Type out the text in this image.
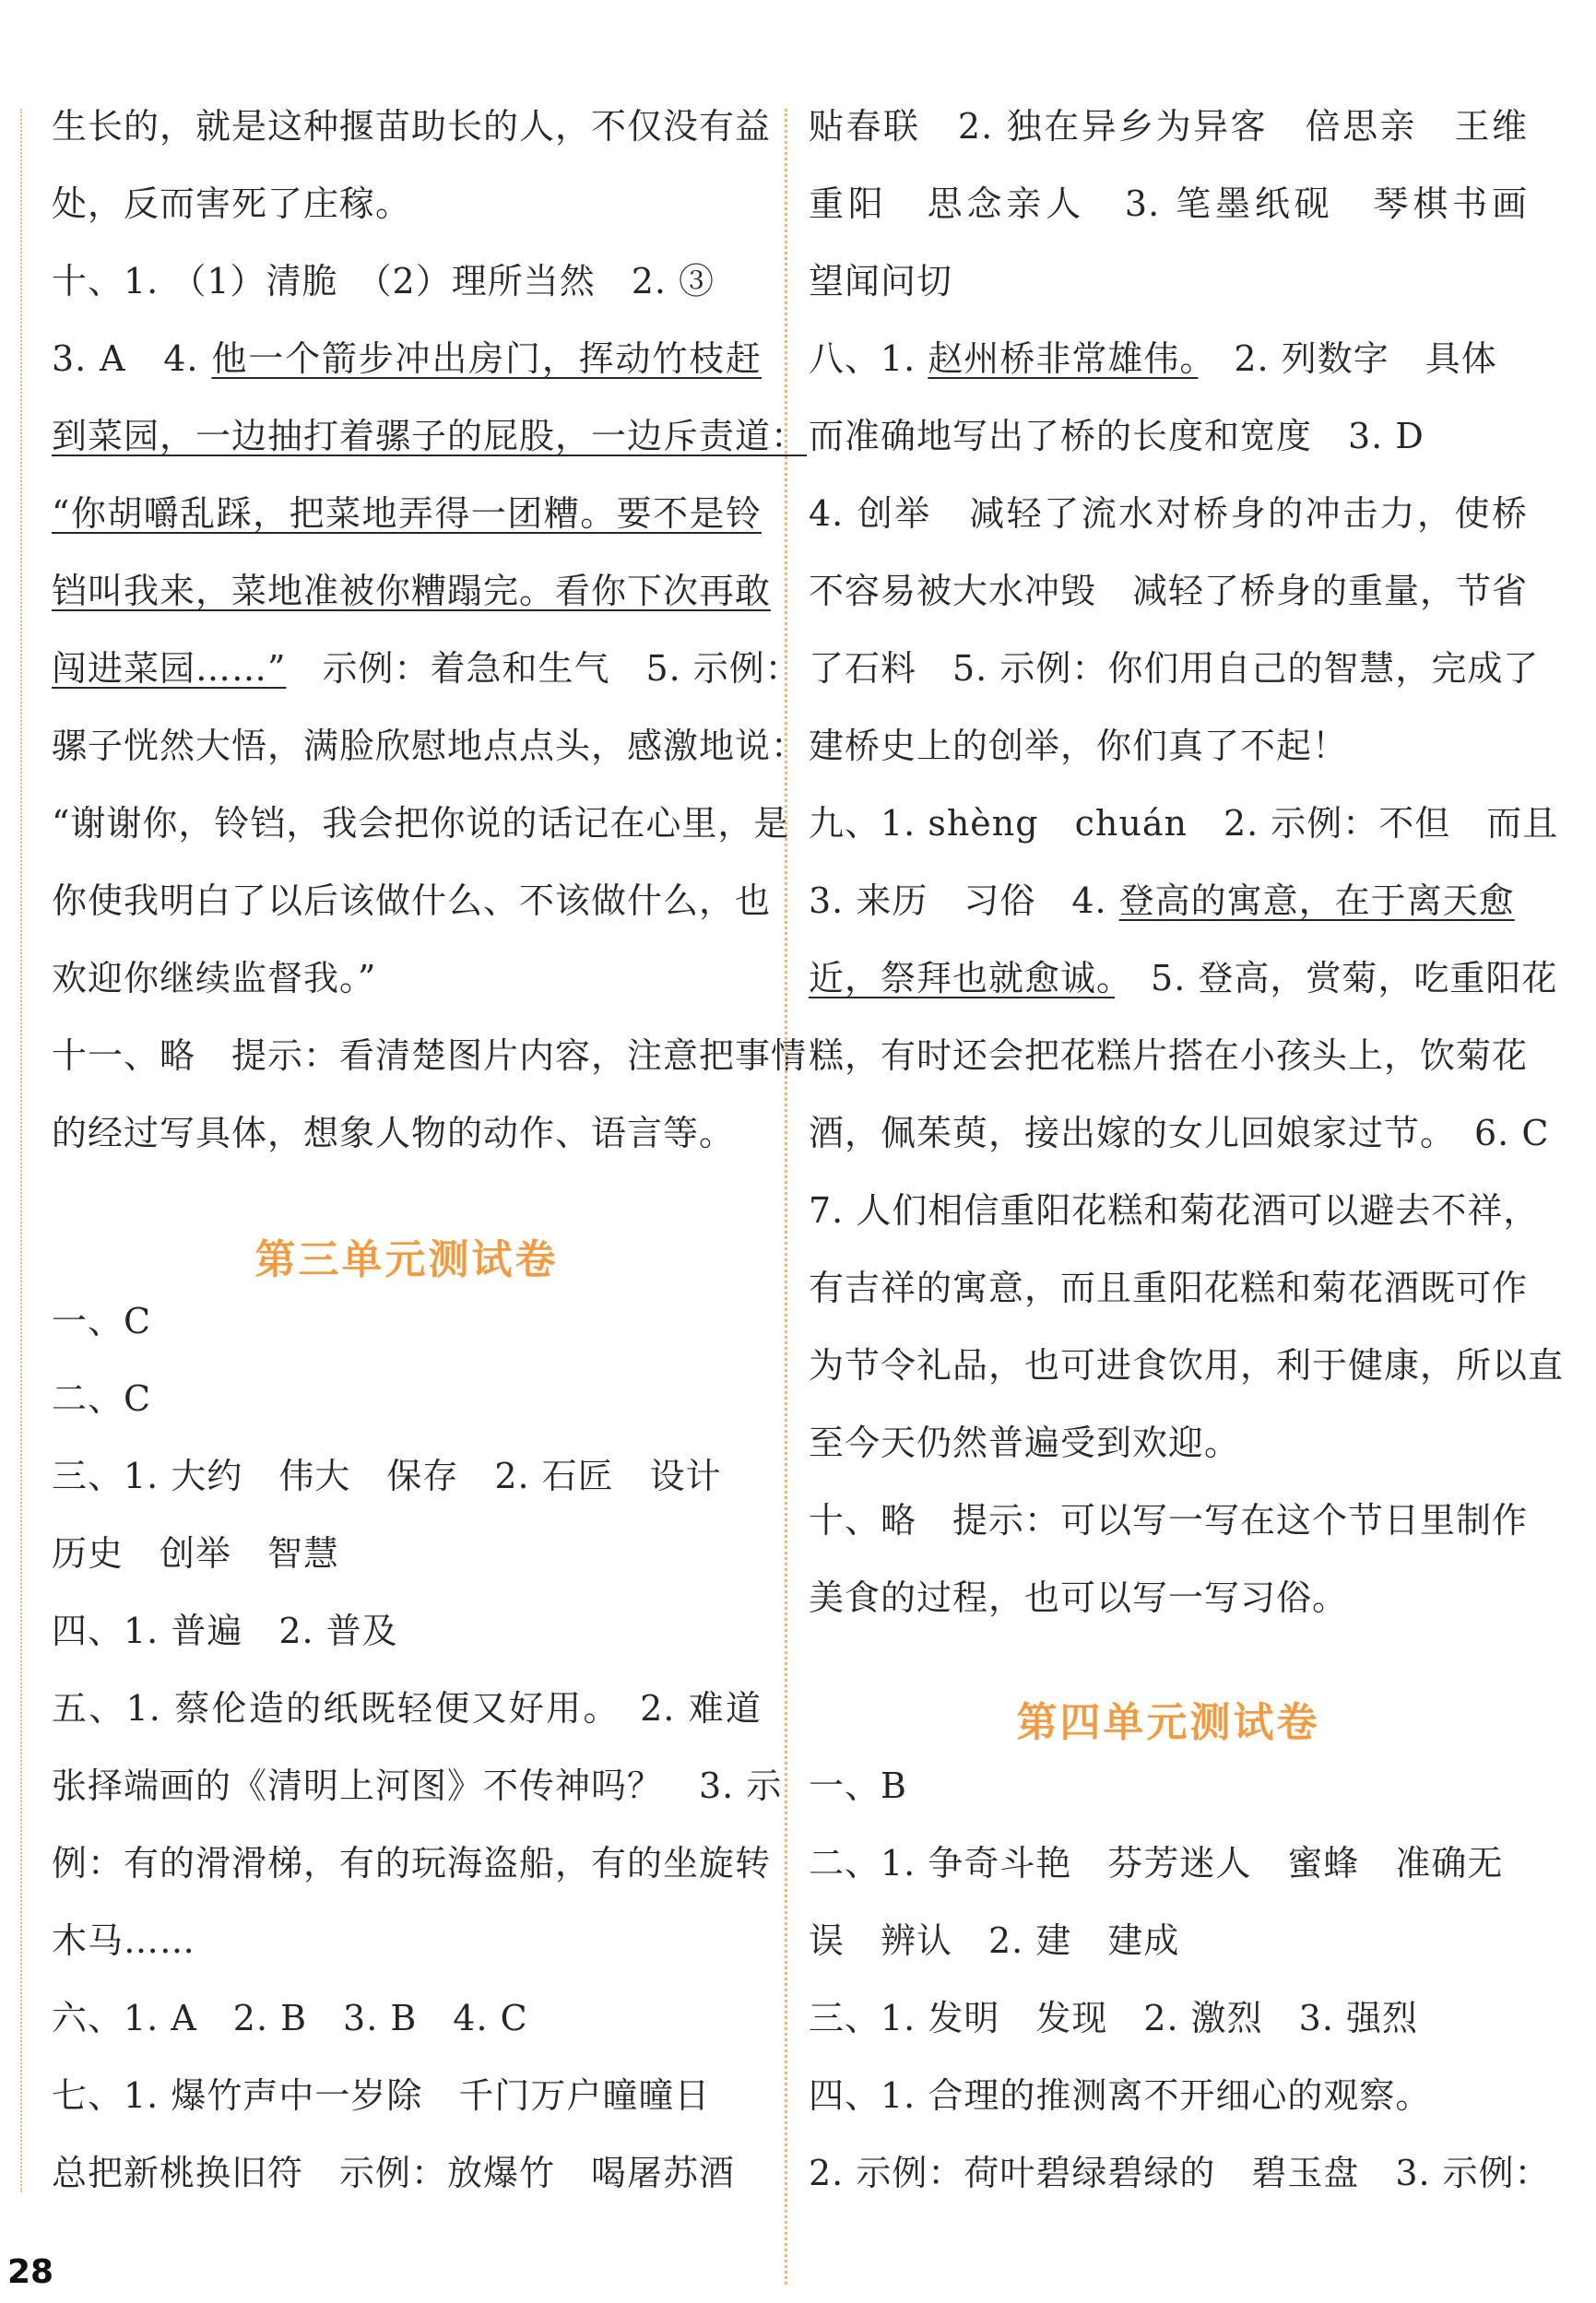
生长的，就是这种揠苗助长的人，不仅没有益
处，反而害死了庄稼。
十、1. （1）清脆　（2）理所当然　2. ③
3. A　4. 他一个箭步冲出房门，挥动竹枝赶
到菜园，一边抽打着骡子的屁股，一边斥责道：
“你胡嚼乱踩，把菜地弄得一团糟。要不是铃
铛叫我来，菜地准被你糟蹋完。看你下次再敢
闯进菜园……”　示例：着急和生气　5. 示例：
骡子恍然大悟，满脸欣慰地点点头，感激地说：
“谢谢你，铃铛，我会把你说的话记在心里，是
你使我明白了以后该做什么、不该做什么，也
欢迎你继续监督我。”
十一、略　提示：看清楚图片内容，注意把事情
的经过写具体，想象人物的动作、语言等。
第三单元测试卷
一、C
二、C
三、1. 大约　伟大　保存　2. 石匠　设计
历史　创举　智慧
四、1. 普遍　2. 普及
五、1. 蔡伦造的纸既轻便又好用。　2. 难道
张择端画的《清明上河图》不传神吗？　3. 示
例：有的滑滑梯，有的玩海盗船，有的坐旋转
木马……
六、1. A　2. B　3. B　4. C
七、1. 爆竹声中一岁除　千门万户曈曈日
总把新桃换旧符　示例：放爆竹　喝屠苏酒
贴春联　2. 独在异乡为异客　倍思亲　王维
重阳　思念亲人　3. 笔墨纸砚　琴棋书画
望闻问切
八、1. 赵州桥非常雄伟。　2. 列数字　具体
而准确地写出了桥的长度和宽度　3. D
4. 创举　减轻了流水对桥身的冲击力，使桥
不容易被大水冲毁　减轻了桥身的重量，节省
了石料　5. 示例：你们用自己的智慧，完成了
建桥史上的创举，你们真了不起！
九、1. shèng　chuán　2. 示例：不但　而且
3. 来历　习俗　4. 登高的寓意，在于离天愈
近，祭拜也就愈诚。　5. 登高，赏菊，吃重阳花
糕，有时还会把花糕片搭在小孩头上，饮菊花
酒，佩茱萸，接出嫁的女儿回娘家过节。　6. C
7. 人们相信重阳花糕和菊花酒可以避去不祥，
有吉祥的寓意，而且重阳花糕和菊花酒既可作
为节令礼品，也可进食饮用，利于健康，所以直
至今天仍然普遍受到欢迎。
十、略　提示：可以写一写在这个节日里制作
美食的过程，也可以写一写习俗。
第四单元测试卷
一、B
二、1. 争奇斗艳　芬芳迷人　蜜蜂　准确无
误　辨认　2. 建　建成
三、1. 发明　发现　2. 激烈　3. 强烈
四、1. 合理的推测离不开细心的观察。
2. 示例：荷叶碧绿碧绿的　碧玉盘　3. 示例：
28
